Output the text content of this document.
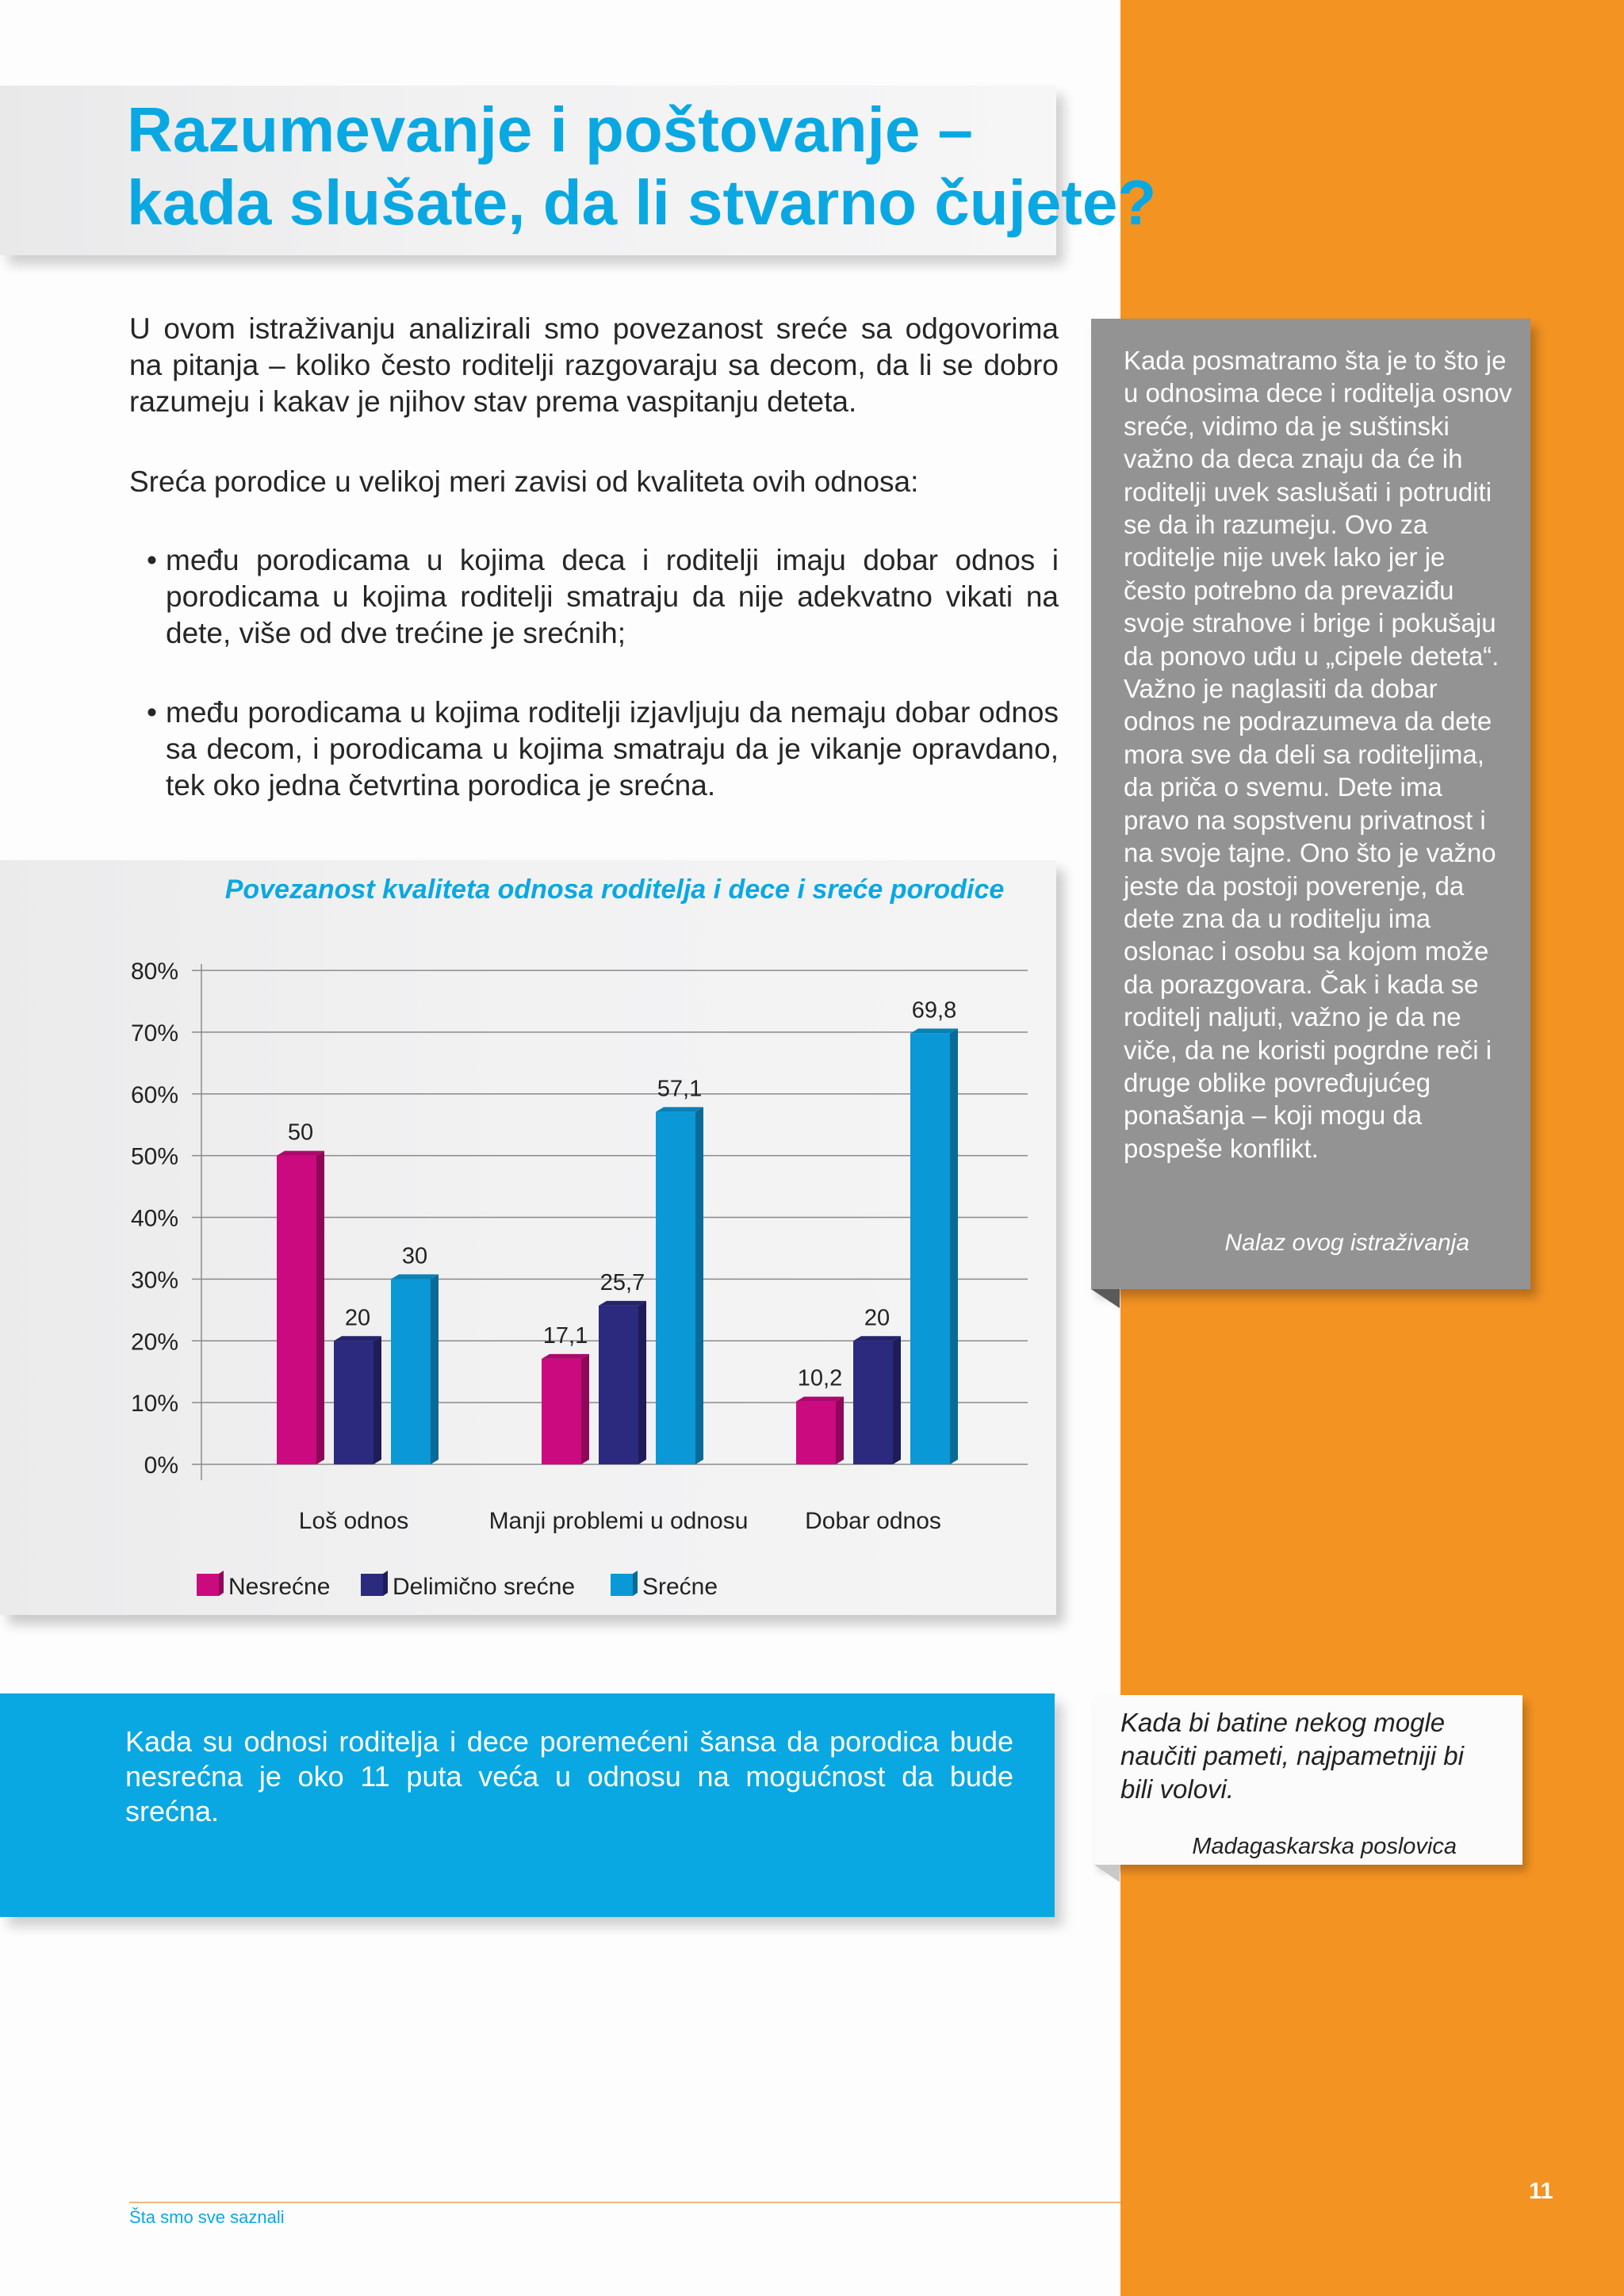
Razumevanje i poštovanje –
kada slušate, da li stvarno čujete?

U ovom istraživanju analizirali smo povezanost sreće sa odgovorima na pitanja – koliko često roditelji razgovaraju sa decom, da li se dobro razumeju i kakav je njihov stav prema vaspitanju deteta.

Sreća porodice u velikoj meri zavisi od kvaliteta ovih odnosa:
• među porodicama u kojima deca i roditelji imaju dobar odnos i porodicama u kojima roditelji smatraju da nije adekvatno vikati na dete, više od dve trećine je srećnih;
• među porodicama u kojima roditelji izjavljuju da nemaju dobar odnos sa decom, i porodicama u kojima smatraju da je vikanje opravdano, tek oko jedna četvrtina porodica je srećna.
Povezanost kvaliteta odnosa roditelja i dece i sreće porodice
0%
10%
20%
30%
40%
50%
60%
70%
80%
50
20
30
Loš odnos
17,1
25,7
57,1
Manji problemi u odnosu
10,2
20
69,8
Dobar odnos
Nesrećne	Delimično srećne	Srećne

Kada posmatramo šta je to što je u odnosima dece i roditelja osnov sreće, vidimo da je suštinski važno da deca znaju da će ih roditelji uvek saslušati i potruditi se da ih razumeju. Ovo za roditelje nije uvek lako jer je često potrebno da prevaziđu svoje strahove i brige i pokušaju da ponovo uđu u „cipele deteta“. Važno je naglasiti da dobar odnos ne podrazumeva da dete mora sve da deli sa roditeljima, da priča o svemu. Dete ima pravo na sopstvenu privatnost i na svoje tajne. Ono što je važno jeste da postoji poverenje, da dete zna da u roditelju ima oslonac i osobu sa kojom može da porazgovara. Čak i kada se roditelj naljuti, važno je da ne viče, da ne koristi pogrdne reči i druge oblike povređujućeg ponašanja – koji mogu da pospeše konflikt.

Nalaz ovog istraživanja
Kada su odnosi roditelja i dece poremećeni šansa da porodica bude nesrećna je oko 11 puta veća u odnosu na mogućnost da bude srećna.
Kada bi batine nekog mogle naučiti pameti, najpametniji bi bili volovi.
Madagaskarska poslovica
Šta smo sve saznali
11
